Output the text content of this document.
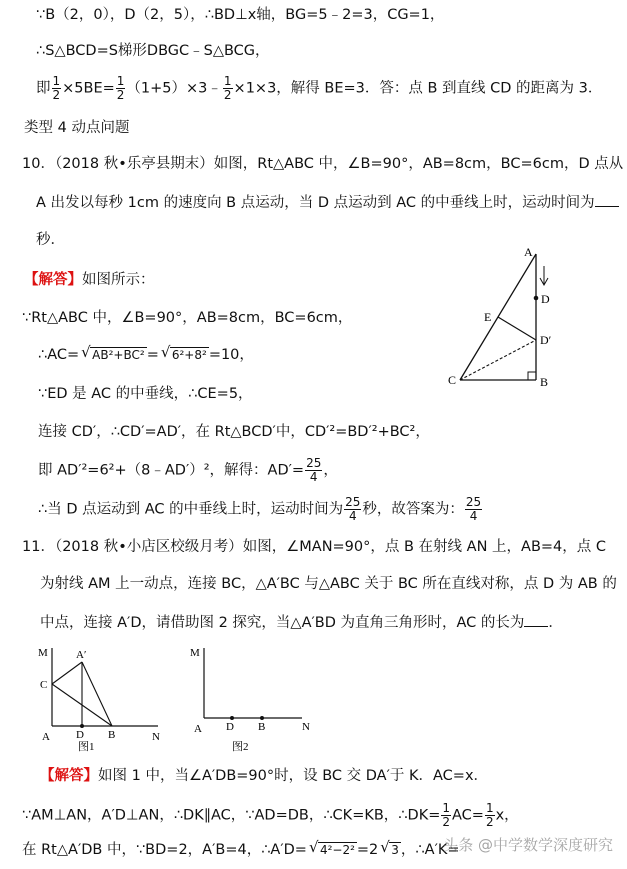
∵B（2，0），D（2，5），∴BD⊥x轴，BG=5﹣2=3，CG=1，
∴S△BCD=S梯形DBGC﹣S△BCG，
即 $\frac{1}{2} \times 5BE= \frac{1}{2}$ （1+5）×3﹣ $\frac{1}{2} \times 1\times 3$，解得 BE=3．答：点 B 到直线 CD 的距离为 3．
类型 4 动点问题
10．（2018 秋•乐亭县期末）如图，Rt△ABC 中，∠B=90°，AB=8cm，BC=6cm，D 点从
A 出发以每秒 1cm 的速度向 B 点运动，当 D 点运动到 AC 的中垂线上时，运动时间为
秒．
【解答】如图所示：
∵Rt△ABC 中，∠B=90°，AB=8cm，BC=6cm，
∴AC= √ AB²+BC² = √ 6²+8² =10，
∵ED 是 AC 的中垂线，∴CE=5，
连接 CD′，∴CD′=AD′，在 Rt△BCD′中，CD′²=BD′²+BC²，
即 AD′²=6²+（8﹣AD′）²，解得：$AD'= \frac{25}{4}$ ，
∴当 D 点运动到 AC 的中垂线上时，运动时间为 $\frac{25}{4}$ 秒，故答案为： $\frac{25}{4}$
A
D
E
D′
C	B
11．（2018 秋•小店区校级月考）如图，∠MAN=90°，点 B 在射线 AN 上，AB=4，点 C
为射线 AM 上一动点，连接 BC，△A′BC 与△ABC 关于 BC 所在直线对称，点 D 为 AB 的
中点，连接 A′D，请借助图 2 探究，当△A′BD 为直角三角形时，AC 的长为 ．
M
A	N
A′
C
D B
图1
M
A	N
D B
图2
【解答】如图 1 中，当∠A′DB=90°时，设 BC 交 DA′于 K．AC=x．
∵AM⊥AN，A′D⊥AN，∴DK∥AC，∵AD=DB，∴CK=KB，∴DK= $\frac{1}{2} AC= \frac{1}{2}$ x，
在 Rt△A′DB 中，∵BD=2，A′B=4，∴A′D= √ 4²−2² =2 √ 3 ，∴A′K=
头条 @中学数学深度研究
